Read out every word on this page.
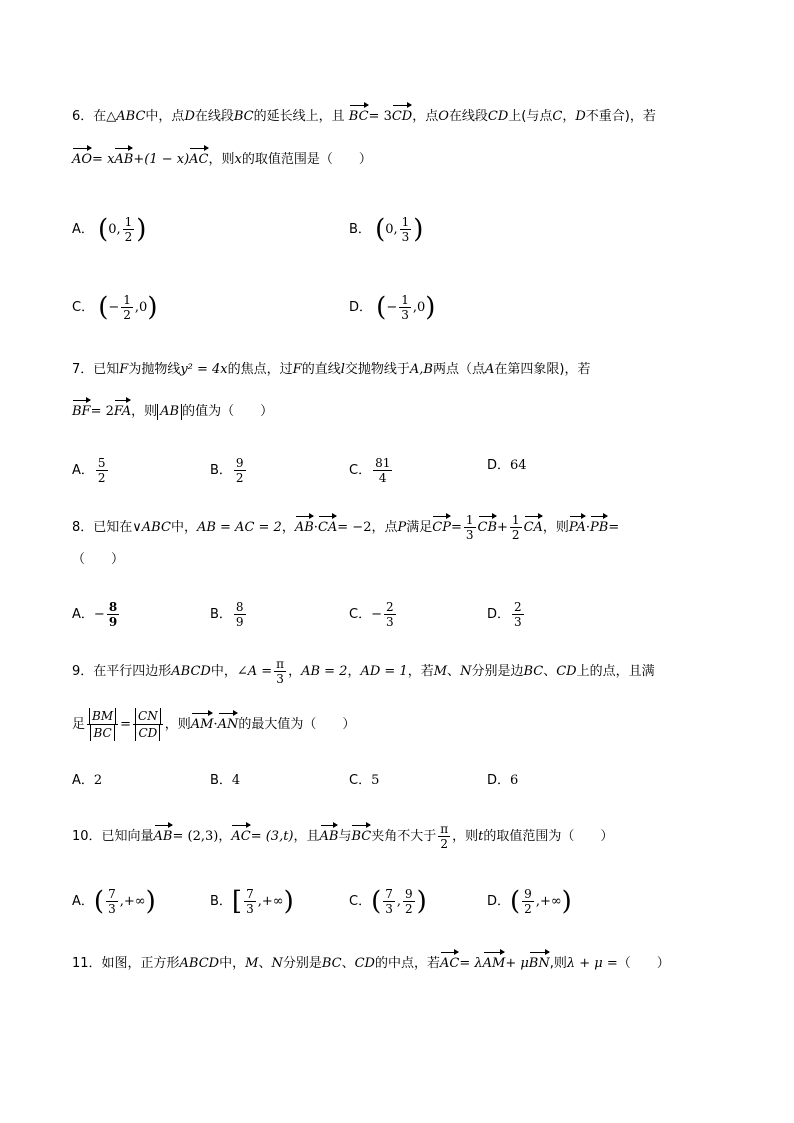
6．在△ABC中，点D在线段BC的延长线上，且 BC= 3CD，点O在线段CD上(与点C，D不重合)，若
AO= xAB+(1 − x)AC，则x的取值范围是（　　）
A． (0, $\frac{1}{2}$ )	B． (0, $\frac{1}{3}$ )
C． (− $\frac{1}{2} ,0$)	D． (− $\frac{1}{3} ,0$)
7．已知F为抛物线y² = 4x的焦点，过F的直线l交抛物线于A,B两点（点A在第四象限)，若
BF= 2FA，则 AB 的值为（　　）
A． $\frac{5}{2}$	B． $\frac{9}{2}$	C． $\frac{81}{4}$	D．64
8．已知在∨ABC中，AB = AC = 2，AB·CA= −2，点P满足$CP= \frac{1}{3} CB+ \frac{1}{2}$ CA，则PA·PB=
（　　）
A．− $\frac{8}{9}$	B． $\frac{8}{9}$	C．− $\frac{2}{3}$	D． $\frac{2}{3}$
9．在平行四边形ABCD中，∠A = $\frac{\pi}{3}$ ，AB = 2，AD = 1，若M、N分别是边BC、CD上的点，且满
足 $\frac{BM}{BC} = \frac{CN}{CD}$ ，则AM·AN的最大值为（　　）
A．2	B．4	C．5	D．6
10．已知向量AB= (2,3)，AC= (3,t)，且AB与BC夹角不大于 $\frac{\pi}{2}$ ，则t的取值范围为（　　）
A．( $\frac{7}{3}$ ,+∞)	B．[ $\frac{7}{3}$ ,+∞)	C．( $\frac{7}{3}$ , $\frac{9}{2}$ )	D．( $\frac{9}{2}$ ,+∞)
11．如图，正方形ABCD中，M、N分别是BC、CD的中点，若AC= λAM+ μBN,则λ + μ =（　　）
